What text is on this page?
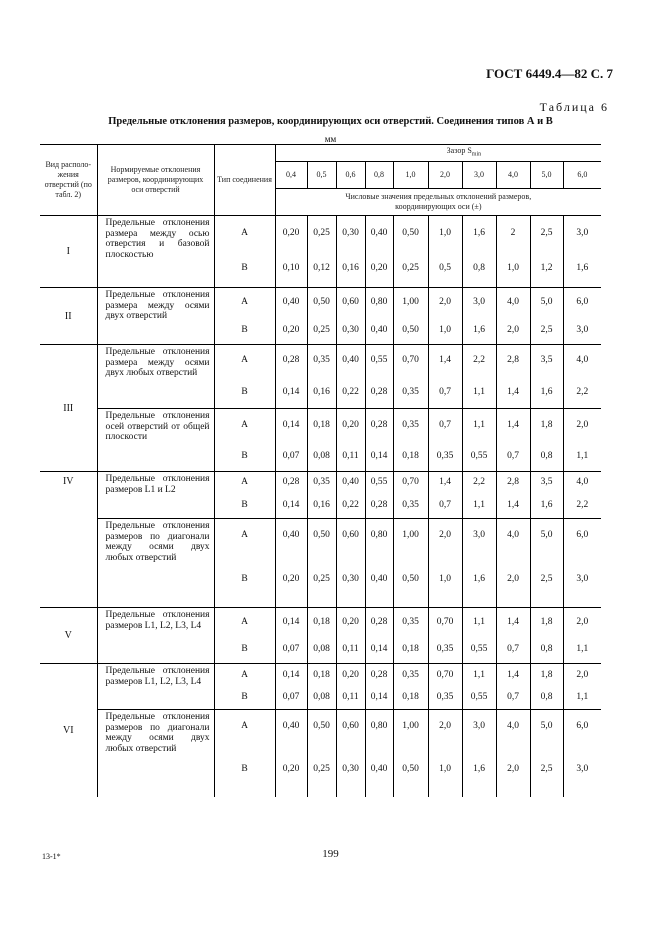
ГОСТ 6449.4—82 С. 7
Таблица 6
Предельные отклонения размеров, координирующих оси отверстий. Соединения типов А и В
мм
Вид располо-жения отверстий (по табл. 2)	Нормируемые отклонения размеров, координирующих оси отверстий	Тип соединения	Зазор $S_{min}$
			0,4	0,5	0,6	0,8	1,0	2,0	3,0	4,0	5,0	6,0
			Числовые значения предельных отклонений размеров, координирующих оси (±)									
I	Предельные отклонения размера между осью отверстия и базовой плоскостью	А	0,20	0,25	0,30	0,40	0,50	1,0	1,6	2	2,5	3,0
		В	0,10	0,12	0,16	0,20	0,25	0,5	0,8	1,0	1,2	1,6
II	Предельные отклонения размера между осями двух отверстий	А	0,40	0,50	0,60	0,80	1,00	2,0	3,0	4,0	5,0	6,0
		В	0,20	0,25	0,30	0,40	0,50	1,0	1,6	2,0	2,5	3,0
III	Предельные отклонения размера между осями двух любых отверстий	А	0,28	0,35	0,40	0,55	0,70	1,4	2,2	2,8	3,5	4,0
		В	0,14	0,16	0,22	0,28	0,35	0,7	1,1	1,4	1,6	2,2
	Предельные отклонения осей отверстий от общей плоскости	А	0,14	0,18	0,20	0,28	0,35	0,7	1,1	1,4	1,8	2,0
		В	0,07	0,08	0,11	0,14	0,18	0,35	0,55	0,7	0,8	1,1
IV	Предельные отклонения размеров L1 и L2	А	0,28	0,35	0,40	0,55	0,70	1,4	2,2	2,8	3,5	4,0
		В	0,14	0,16	0,22	0,28	0,35	0,7	1,1	1,4	1,6	2,2
	Предельные отклонения размеров по диагонали между осями двух любых отверстий	А	0,40	0,50	0,60	0,80	1,00	2,0	3,0	4,0	5,0	6,0
		В	0,20	0,25	0,30	0,40	0,50	1,0	1,6	2,0	2,5	3,0
V	Предельные отклонения размеров L1, L2, L3, L4	А	0,14	0,18	0,20	0,28	0,35	0,70	1,1	1,4	1,8	2,0
		В	0,07	0,08	0,11	0,14	0,18	0,35	0,55	0,7	0,8	1,1
VI	Предельные отклонения размеров L1, L2, L3, L4	А	0,14	0,18	0,20	0,28	0,35	0,70	1,1	1,4	1,8	2,0
		В	0,07	0,08	0,11	0,14	0,18	0,35	0,55	0,7	0,8	1,1
	Предельные отклонения размеров по диагонали между осями двух любых отверстий	А	0,40	0,50	0,60	0,80	1,00	2,0	3,0	4,0	5,0	6,0
		В	0,20	0,25	0,30	0,40	0,50	1,0	1,6	2,0	2,5	3,0
13-1*	199
